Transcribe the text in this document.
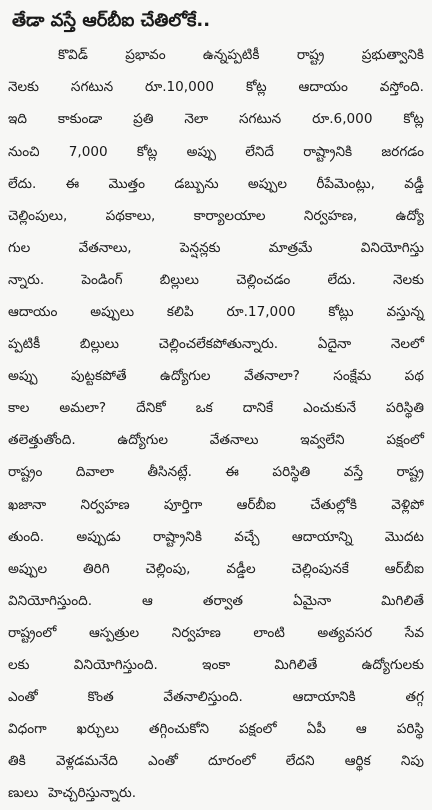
తేడా వస్తే ఆర్‌బీఐ చేతిలోకే..
కొవిడ్	ప్రభావం	ఉన్నప్పటికీ	రాష్ట్ర	ప్రభుత్వానికి
నెలకు సగటున రూ.10,000 కోట్ల ఆదాయం వస్తోంది.
ఇది కాకుండా ప్రతి నెలా సగటున రూ.6,000 కోట్ల
నుంచి 7,000 కోట్ల అప్పు లేనిదే రాష్ట్రానికి జరగడం
లేదు. ఈ మొత్తం డబ్బును అప్పుల రీపేమెంట్లు, వడ్డీ
చెల్లింపులు,	పథకాలు,	కార్యాలయాల	నిర్వహణ,	ఉద్యో
గుల	వేతనాలు,	పెన్షన్లకు	మాత్రమే	వినియోగిస్తు
న్నారు.	పెండింగ్	బిల్లులు	చెల్లించడం	లేదు.	నెలకు
ఆదాయం అప్పులు కలిపి రూ.17,000 కోట్లు వస్తున్న
ప్పటికీ	బిల్లులు	చెల్లించలేకపోతున్నారు.	ఏదైనా	నెలలో
అప్పు పుట్టకపోతే ఉద్యోగుల వేతనాలా? సంక్షేమ పథ
కాల అమలా? దేనికో ఒక దానికే ఎంచుకునే పరిస్థితి
తలెత్తుతోంది.	ఉద్యోగుల	వేతనాలు	ఇవ్వలేని	పక్షంలో
రాష్ట్రం దివాలా తీసినట్లే. ఈ పరిస్థితి వస్తే రాష్ట్ర
ఖజానా	నిర్వహణ	పూర్తిగా	ఆర్‌బీఐ	చేతుల్లోకి	వెళ్లిపో
తుంది. అప్పుడు రాష్ట్రానికి వచ్చే ఆదాయాన్ని మొదట
అప్పుల	తిరిగి	చెల్లింపు,	వడ్డీల	చెల్లింపునకే	ఆర్‌బీఐ
వినియోగిస్తుంది.	ఆ	తర్వాత	ఏమైనా	మిగిలితే
రాష్ట్రంలో ఆస్పత్రుల నిర్వహణ లాంటి అత్యవసర సేవ
లకు	వినియోగిస్తుంది.	ఇంకా	మిగిలితే	ఉద్యోగులకు
ఎంతో	కొంత	వేతనాలిస్తుంది.	ఆదాయానికి	తగ్గ
విధంగా ఖర్చులు తగ్గించుకోని పక్షంలో ఏపీ ఆ పరిస్థి
తికి వెళ్లడమనేది ఎంతో దూరంలో లేదని ఆర్థిక నిపు
ణులు హెచ్చరిస్తున్నారు.
